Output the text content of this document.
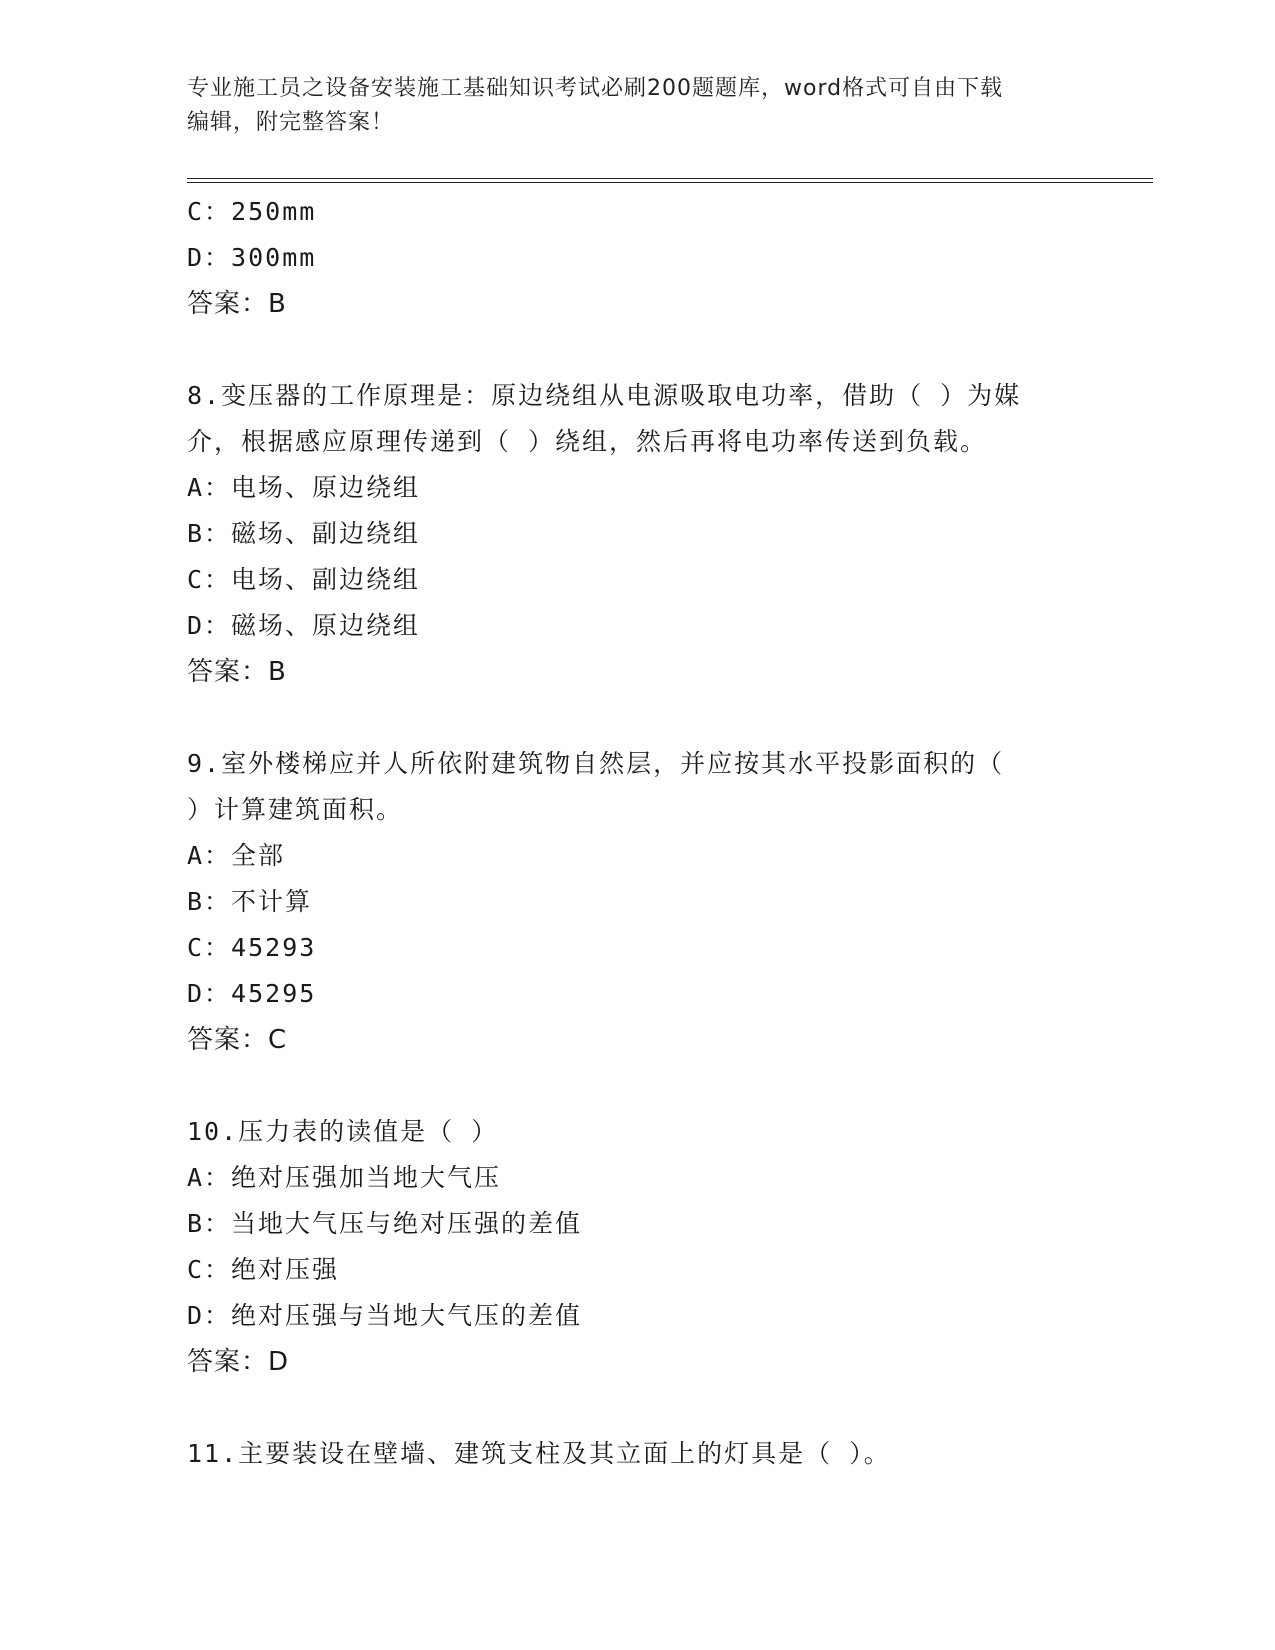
专业施工员之设备安装施工基础知识考试必刷200题题库，word格式可自由下载
编辑，附完整答案！
C：250mm
D：300mm
答案：B
8.变压器的工作原理是：原边绕组从电源吸取电功率，借助（ ）为媒
介，根据感应原理传递到（ ）绕组，然后再将电功率传送到负载。
A：电场、原边绕组
B：磁场、副边绕组
C：电场、副边绕组
D：磁场、原边绕组
答案：B
9.室外楼梯应并人所依附建筑物自然层，并应按其水平投影面积的（
）计算建筑面积。
A：全部
B：不计算
C：45293
D：45295
答案：C
10.压力表的读值是（ ）
A：绝对压强加当地大气压
B：当地大气压与绝对压强的差值
C：绝对压强
D：绝对压强与当地大气压的差值
答案：D
11.主要装设在壁墙、建筑支柱及其立面上的灯具是（ ）。
